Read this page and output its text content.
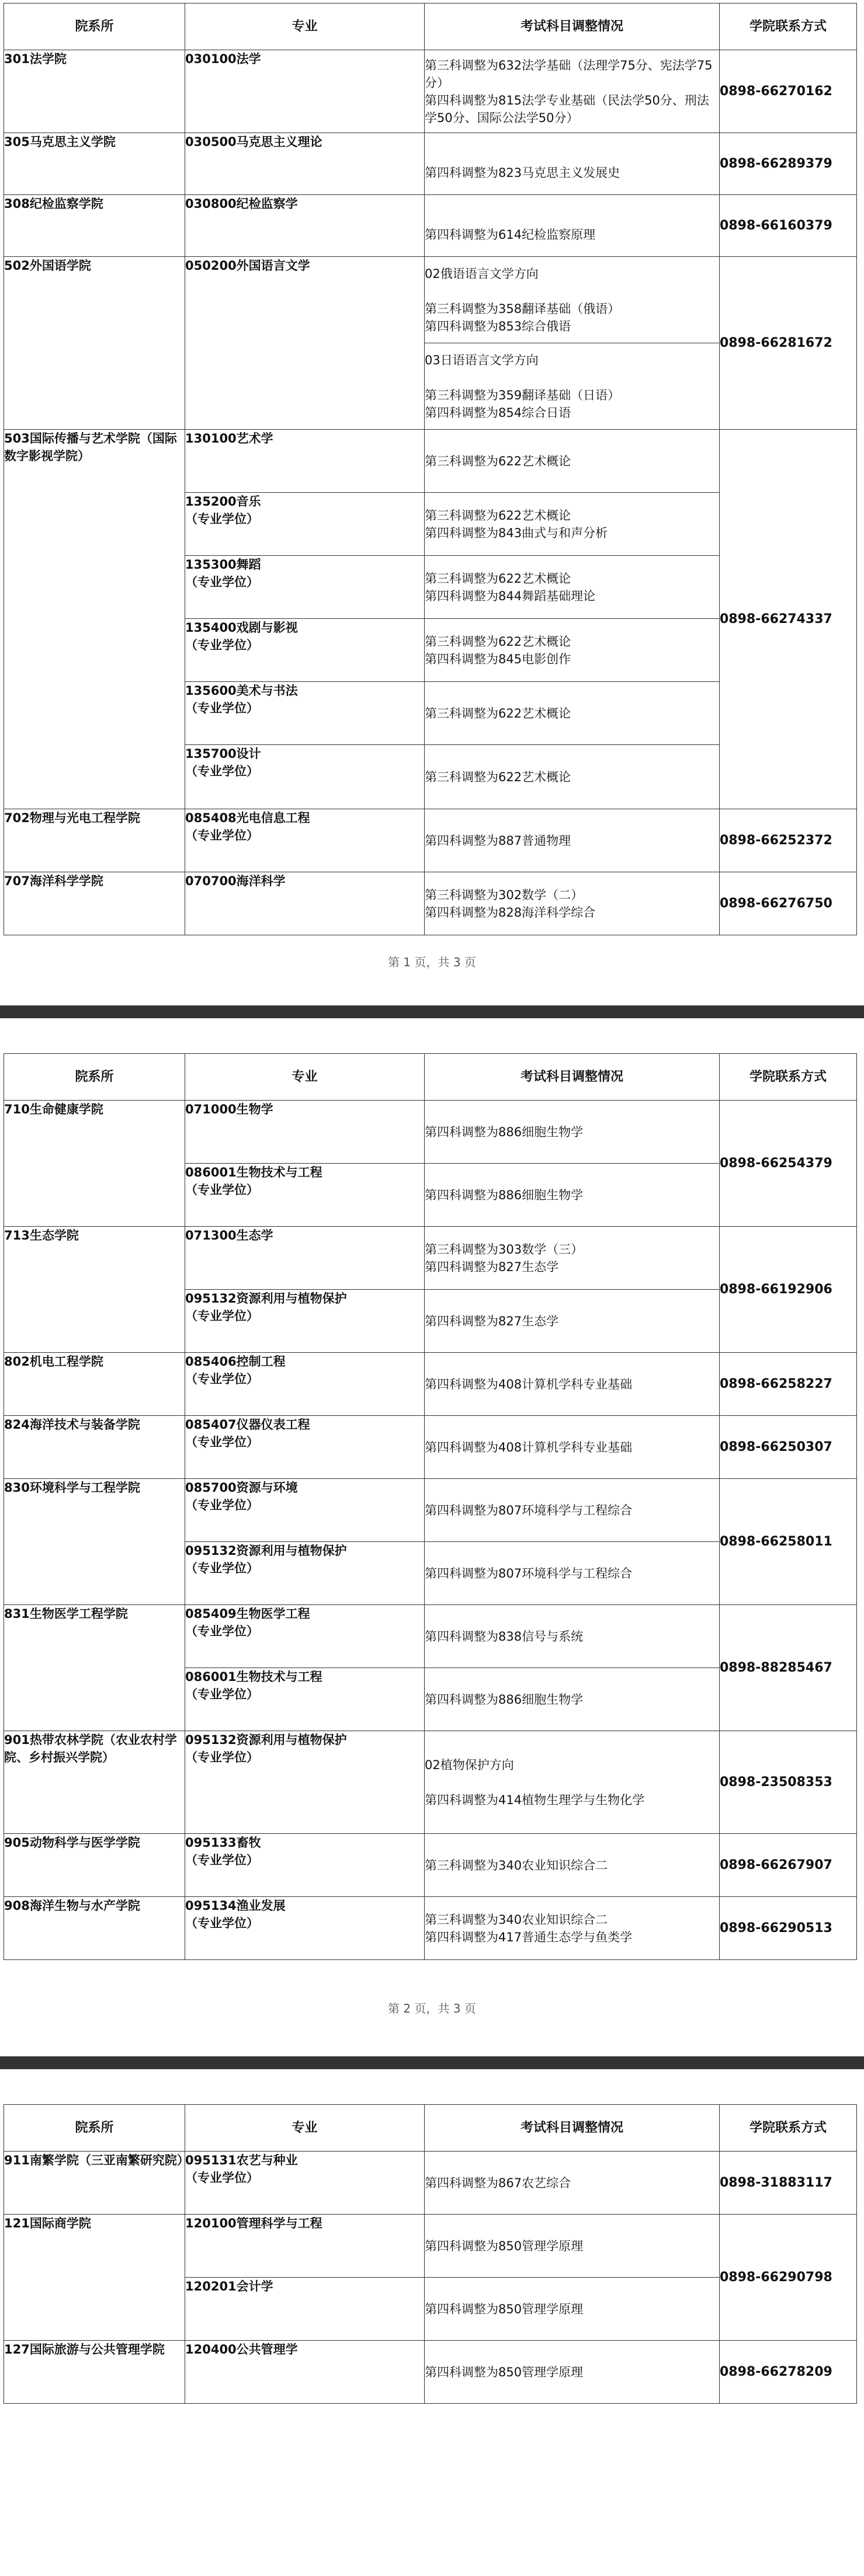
院系所	专业	考试科目调整情况	学院联系方式
301法学院	030100法学	第三科调整为632法学基础（法理学75分、宪法学75分）
第四科调整为815法学专业基础（民法学50分、刑法学50分、国际公法学50分）	0898-66270162
305马克思主义学院	030500马克思主义理论	第四科调整为823马克思主义发展史	0898-66289379
308纪检监察学院	030800纪检监察学	第四科调整为614纪检监察原理	0898-66160379
502外国语学院	050200外国语言文学	02俄语语言文学方向
第三科调整为358翻译基础（俄语）
第四科调整为853综合俄语	0898-66281672

		03日语语言文学方向
第三科调整为359翻译基础（日语）
第四科调整为854综合日语	

503国际传播与艺术学院（国际数字影视学院）	130100艺术学	第三科调整为622艺术概论	0898-66274337

	135200音乐
（专业学位）	第三科调整为622艺术概论
第四科调整为843曲式与和声分析	

	135300舞蹈
（专业学位）	第三科调整为622艺术概论
第四科调整为844舞蹈基础理论	

	135400戏剧与影视
（专业学位）	第三科调整为622艺术概论
第四科调整为845电影创作	

	135600美术与书法
（专业学位）	第三科调整为622艺术概论	

	135700设计
（专业学位）	第三科调整为622艺术概论	

702物理与光电工程学院	085408光电信息工程
（专业学位）	第四科调整为887普通物理	0898-66252372
707海洋科学学院	070700海洋科学	第三科调整为302数学（二）
第四科调整为828海洋科学综合	0898-66276750
第 1 页，共 3 页
院系所	专业	考试科目调整情况	学院联系方式
710生命健康学院	071000生物学	第四科调整为886细胞生物学	0898-66254379

	086001生物技术与工程
（专业学位）	第四科调整为886细胞生物学	

713生态学院	071300生态学	第三科调整为303数学（三）
第四科调整为827生态学	0898-66192906

	095132资源利用与植物保护
（专业学位）	第四科调整为827生态学	

802机电工程学院	085406控制工程
（专业学位）	第四科调整为408计算机学科专业基础	0898-66258227
824海洋技术与装备学院	085407仪器仪表工程
（专业学位）	第四科调整为408计算机学科专业基础	0898-66250307
830环境科学与工程学院	085700资源与环境
（专业学位）	第四科调整为807环境科学与工程综合	0898-66258011

	095132资源利用与植物保护
（专业学位）	第四科调整为807环境科学与工程综合	

831生物医学工程学院	085409生物医学工程
（专业学位）	第四科调整为838信号与系统	0898-88285467

	086001生物技术与工程
（专业学位）	第四科调整为886细胞生物学	

901热带农林学院（农业农村学院、乡村振兴学院）	095132资源利用与植物保护
（专业学位）	02植物保护方向
第四科调整为414植物生理学与生物化学	0898-23508353
905动物科学与医学学院	095133畜牧
（专业学位）	第三科调整为340农业知识综合二	0898-66267907
908海洋生物与水产学院	095134渔业发展
（专业学位）	第三科调整为340农业知识综合二
第四科调整为417普通生态学与鱼类学	0898-66290513
第 2 页，共 3 页
院系所	专业	考试科目调整情况	学院联系方式
911南繁学院（三亚南繁研究院）	095131农艺与种业
（专业学位）	第四科调整为867农艺综合	0898-31883117
121国际商学院	120100管理科学与工程	第四科调整为850管理学原理	0898-66290798

	120201会计学	第四科调整为850管理学原理	

127国际旅游与公共管理学院	120400公共管理学	第四科调整为850管理学原理	0898-66278209
